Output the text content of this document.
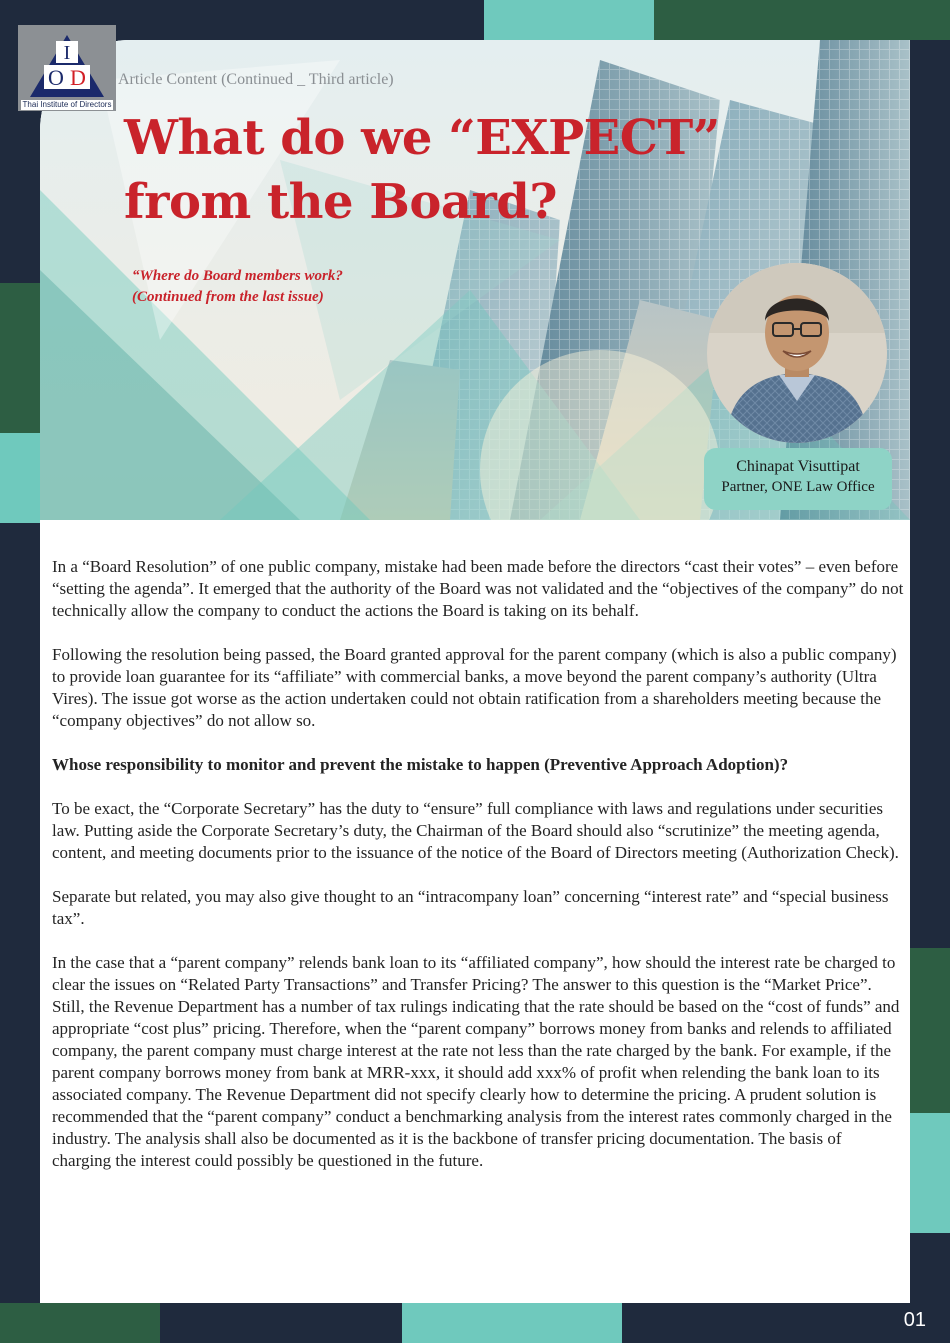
I
O D
Thai Institute of Directors
Article Content (Continued _ Third article)
What do we “EXPECT”
from the Board?
“Where do Board members work?
(Continued from the last issue)
Chinapat Visuttipat
Partner, ONE Law Office

In a “Board Resolution” of one public company, mistake had been made before the directors “cast their votes” – even before “setting the agenda”. It emerged that the authority of the Board was not validated and the “objectives of the company” do not technically allow the company to conduct the actions the Board is taking on its behalf.

Following the resolution being passed, the Board granted approval for the parent company (which is also a public company) to provide loan guarantee for its “affiliate” with commercial banks, a move beyond the parent company’s authority (Ultra Vires). The issue got worse as the action undertaken could not obtain ratification from a shareholders meeting because the “company objectives” do not allow so.

Whose responsibility to monitor and prevent the mistake to happen (Preventive Approach Adoption)?

To be exact, the “Corporate Secretary” has the duty to “ensure” full compliance with laws and regulations under securities law. Putting aside the Corporate Secretary’s duty, the Chairman of the Board should also “scrutinize” the meeting agenda, content, and meeting documents prior to the issuance of the notice of the Board of Directors meeting (Authorization Check).

Separate but related, you may also give thought to an “intracompany loan” concerning “interest rate” and “special business tax”.

In the case that a “parent company” relends bank loan to its “affiliated company”, how should the interest rate be charged to clear the issues on “Related Party Transactions” and Transfer Pricing? The answer to this question is the “Market Price”. Still, the Revenue Department has a number of tax rulings indicating that the rate should be based on the “cost of funds” and appropriate “cost plus” pricing. Therefore, when the “parent company” borrows money from banks and relends to affiliated company, the parent company must charge interest at the rate not less than the rate charged by the bank. For example, if the parent company borrows money from bank at MRR-xxx, it should add xxx% of profit when relending the bank loan to its associated company. The Revenue Department did not specify clearly how to determine the pricing. A prudent solution is recommended that the “parent company” conduct a benchmarking analysis from the interest rates commonly charged in the industry. The analysis shall also be documented as it is the backbone of transfer pricing documentation. The basis of charging the interest could possibly be questioned in the future.

01
